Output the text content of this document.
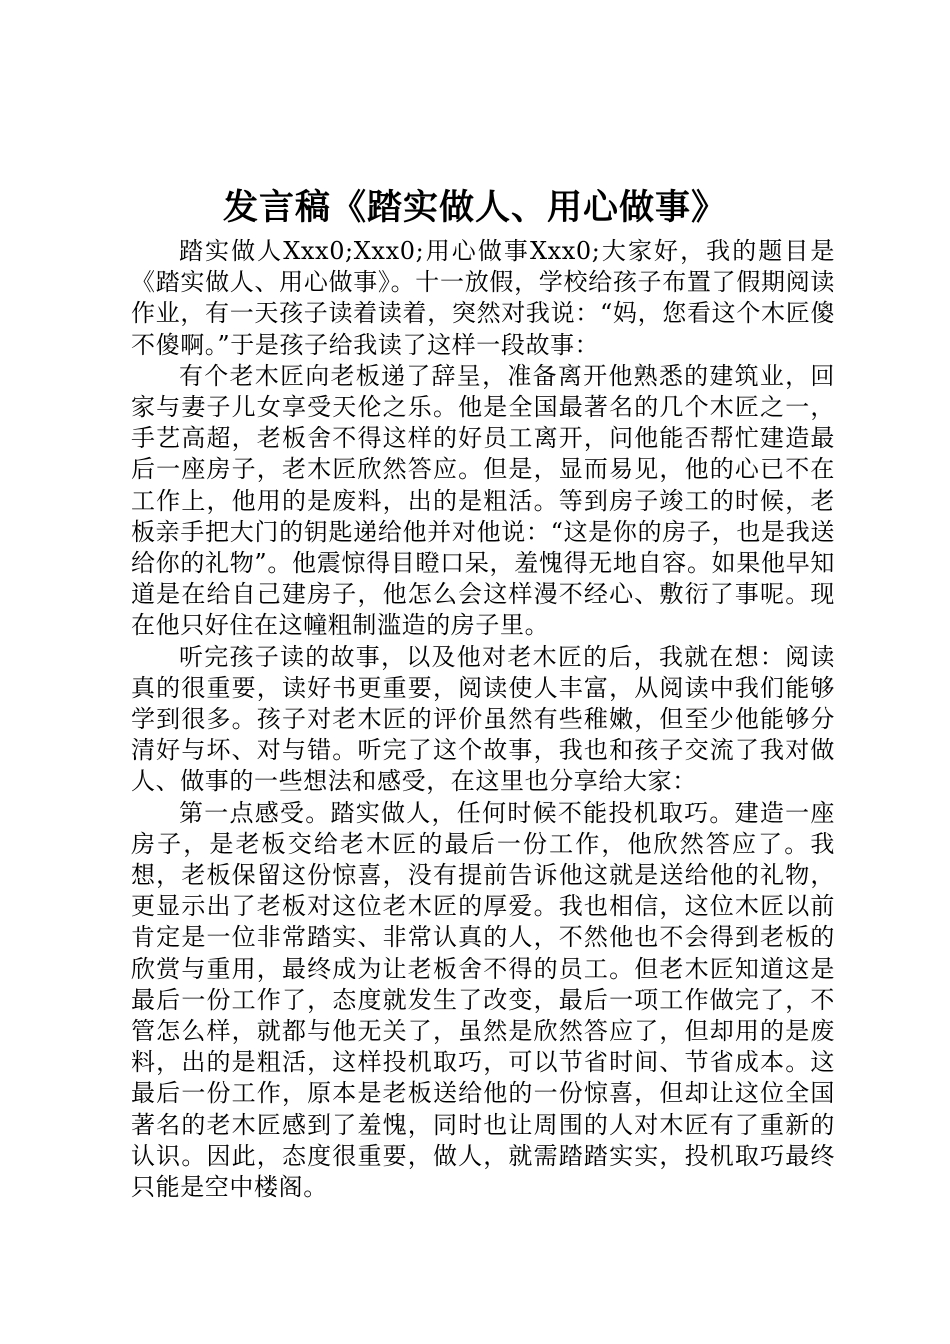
发言稿《踏实做人、用心做事》

踏实做人Xxx0;Xxx0;用心做事Xxx0;大家好，我的题目是《踏实做人、用心做事》。十一放假，学校给孩子布置了假期阅读作业，有一天孩子读着读着，突然对我说：“妈，您看这个木匠傻不傻啊。”于是孩子给我读了这样一段故事：

有个老木匠向老板递了辞呈，准备离开他熟悉的建筑业，回家与妻子儿女享受天伦之乐。他是全国最著名的几个木匠之一，手艺高超，老板舍不得这样的好员工离开，问他能否帮忙建造最后一座房子，老木匠欣然答应。但是，显而易见，他的心已不在工作上，他用的是废料，出的是粗活。等到房子竣工的时候，老板亲手把大门的钥匙递给他并对他说：“这是你的房子，也是我送给你的礼物”。他震惊得目瞪口呆，羞愧得无地自容。如果他早知道是在给自己建房子，他怎么会这样漫不经心、敷衍了事呢。现在他只好住在这幢粗制滥造的房子里。

听完孩子读的故事，以及他对老木匠的后，我就在想：阅读真的很重要，读好书更重要，阅读使人丰富，从阅读中我们能够学到很多。孩子对老木匠的评价虽然有些稚嫩，但至少他能够分清好与坏、对与错。听完了这个故事，我也和孩子交流了我对做人、做事的一些想法和感受，在这里也分享给大家：

第一点感受。踏实做人，任何时候不能投机取巧。建造一座房子，是老板交给老木匠的最后一份工作，他欣然答应了。我想，老板保留这份惊喜，没有提前告诉他这就是送给他的礼物，更显示出了老板对这位老木匠的厚爱。我也相信，这位木匠以前肯定是一位非常踏实、非常认真的人，不然他也不会得到老板的欣赏与重用，最终成为让老板舍不得的员工。但老木匠知道这是最后一份工作了，态度就发生了改变，最后一项工作做完了，不管怎么样，就都与他无关了，虽然是欣然答应了，但却用的是废料，出的是粗活，这样投机取巧，可以节省时间、节省成本。这最后一份工作，原本是老板送给他的一份惊喜，但却让这位全国著名的老木匠感到了羞愧，同时也让周围的人对木匠有了重新的认识。因此，态度很重要，做人，就需踏踏实实，投机取巧最终只能是空中楼阁。
